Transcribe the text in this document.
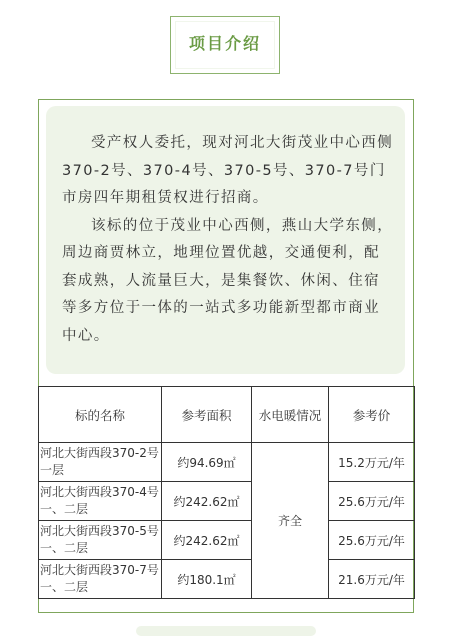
项目介绍

受产权人委托，现对河北大街茂业中心西侧370-2号、370-4号、370-5号、370-7号门市房四年期租赁权进行招商。

该标的位于茂业中心西侧，燕山大学东侧，周边商贾林立，地理位置优越，交通便利，配套成熟，人流量巨大，是集餐饮、休闲、住宿等多方位于一体的一站式多功能新型都市商业中心。

标的名称	参考面积	水电暖情况	参考价
河北大街西段370-2号一层	约94.69㎡	齐全	15.2万元/年
河北大街西段370-4号一、二层	约242.62㎡		25.6万元/年
河北大街西段370-5号一、二层	约242.62㎡		25.6万元/年
河北大街西段370-7号一、二层	约180.1㎡		21.6万元/年
